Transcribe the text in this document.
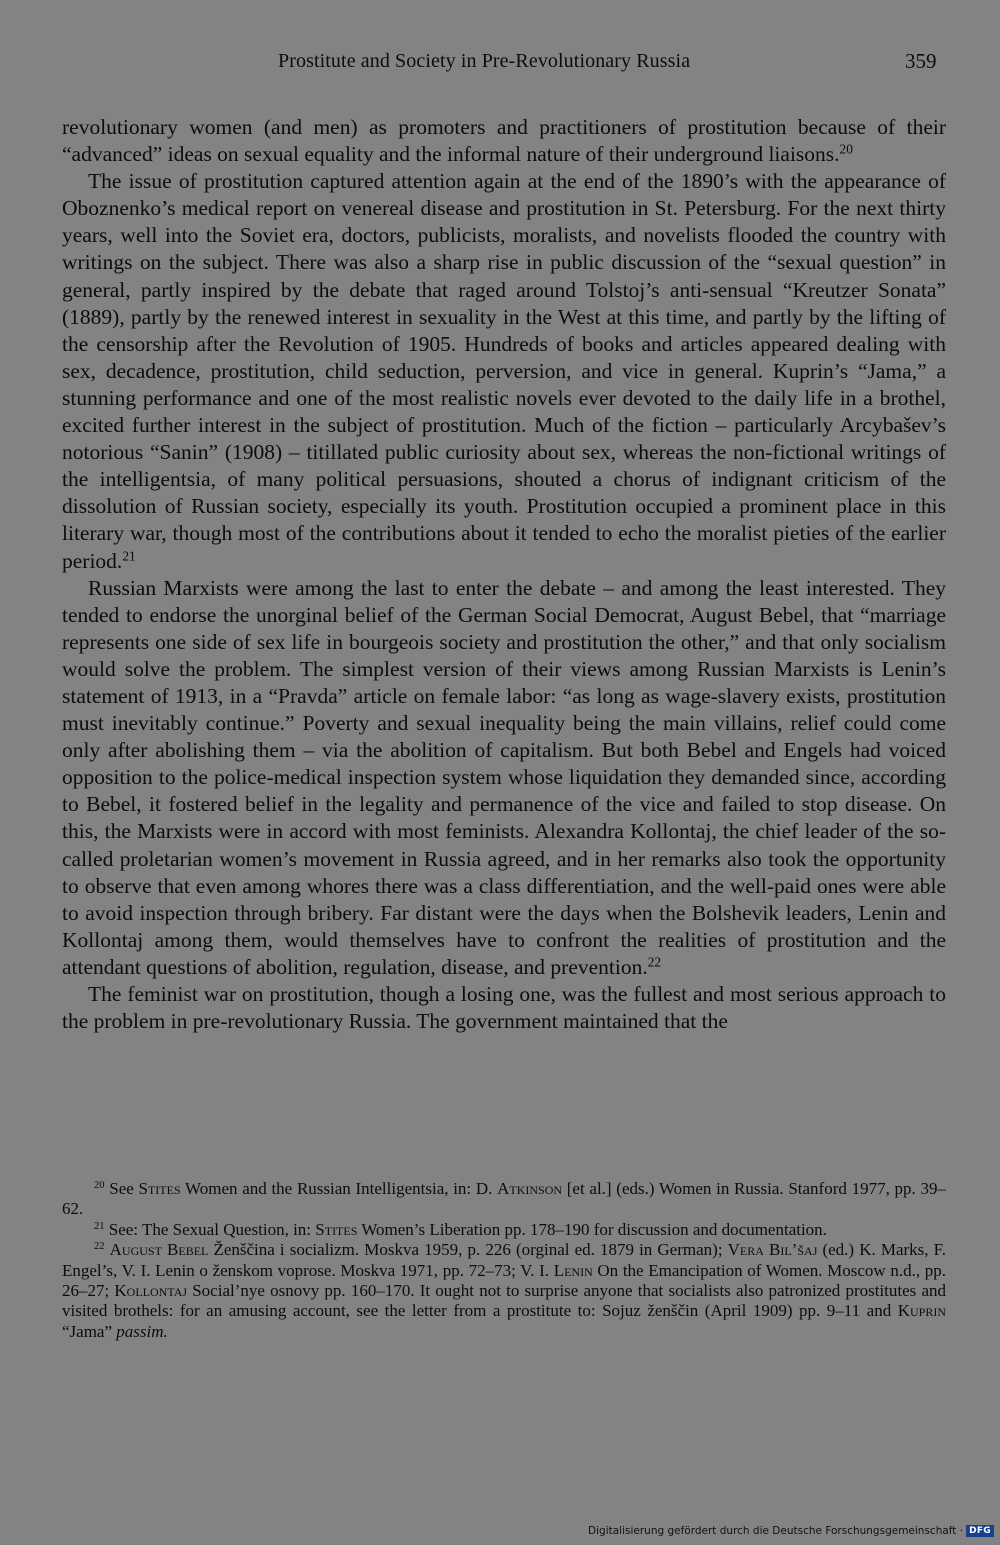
Prostitute and Society in Pre-Revolutionary Russia	359

revolutionary women (and men) as promoters and practitioners of prostitution because of their “advanced” ideas on sexual equality and the informal nature of their underground liaisons.$^{20}$

The issue of prostitution captured attention again at the end of the 1890’s with the appearance of Oboznenko’s medical report on venereal disease and prostitution in St. Petersburg. For the next thirty years, well into the Soviet era, doctors, publicists, moralists, and novelists flooded the country with writings on the subject. There was also a sharp rise in public discussion of the “sexual question” in general, partly inspired by the debate that raged around Tolstoj’s anti-sensual “Kreutzer Sonata” (1889), partly by the renewed interest in sexuality in the West at this time, and partly by the lifting of the censorship after the Revolution of 1905. Hundreds of books and articles appeared dealing with sex, decadence, prostitution, child seduction, perversion, and vice in general. Kuprin’s “Jama,” a stunning performance and one of the most realistic novels ever devoted to the daily life in a brothel, excited further interest in the subject of prostitution. Much of the fiction – particularly Arcybašev’s notorious “Sanin” (1908) – titillated public curiosity about sex, whereas the non-fictional writings of the intelligentsia, of many political persuasions, shouted a chorus of indignant criticism of the dissolution of Russian society, especially its youth. Prostitution occupied a prominent place in this literary war, though most of the contributions about it tended to echo the moralist pieties of the earlier period.$^{21}$

Russian Marxists were among the last to enter the debate – and among the least interested. They tended to endorse the unorginal belief of the German Social Democrat, August Bebel, that “marriage represents one side of sex life in bourgeois society and prostitution the other,” and that only socialism would solve the problem. The simplest version of their views among Russian Marxists is Lenin’s statement of 1913, in a “Pravda” article on female labor: “as long as wage-slavery exists, prostitution must inevitably continue.” Poverty and sexual inequality being the main villains, relief could come only after abolishing them – via the abolition of capitalism. But both Bebel and Engels had voiced opposition to the police-medical inspection system whose liquidation they demanded since, according to Bebel, it fostered belief in the legality and permanence of the vice and failed to stop disease. On this, the Marxists were in accord with most feminists. Alexandra Kollontaj, the chief leader of the so-called proletarian women’s movement in Russia agreed, and in her remarks also took the opportunity to observe that even among whores there was a class differentiation, and the well-paid ones were able to avoid inspection through bribery. Far distant were the days when the Bolshevik leaders, Lenin and Kollontaj among them, would themselves have to confront the realities of prostitution and the attendant questions of abolition, regulation, disease, and prevention.$^{22}$

The feminist war on prostitution, though a losing one, was the fullest and most serious approach to the problem in pre-revolutionary Russia. The government maintained that the

$^{20}$ See Stites Women and the Russian Intelligentsia, in: D. Atkinson [et al.] (eds.) Women in Russia. Stanford 1977, pp. 39–62.

$^{21}$ See: The Sexual Question, in: Stites Women’s Liberation pp. 178–190 for discussion and documentation.

$^{22}$ August Bebel Ženščina i socializm. Moskva 1959, p. 226 (orginal ed. 1879 in German); Vera Bil’šaj (ed.) K. Marks, F. Engel’s, V. I. Lenin o ženskom voprose. Moskva 1971, pp. 72–73; V. I. Lenin On the Emancipation of Women. Moscow n.d., pp. 26–27; Kollontaj Social’nye osnovy pp. 160–170. It ought not to surprise anyone that socialists also patronized prostitutes and visited brothels: for an amusing account, see the letter from a prostitute to: Sojuz ženščin (April 1909) pp. 9–11 and Kuprin “Jama” passim.

Digitalisierung gefördert durch die Deutsche Forschungsgemeinschaft · DFG
